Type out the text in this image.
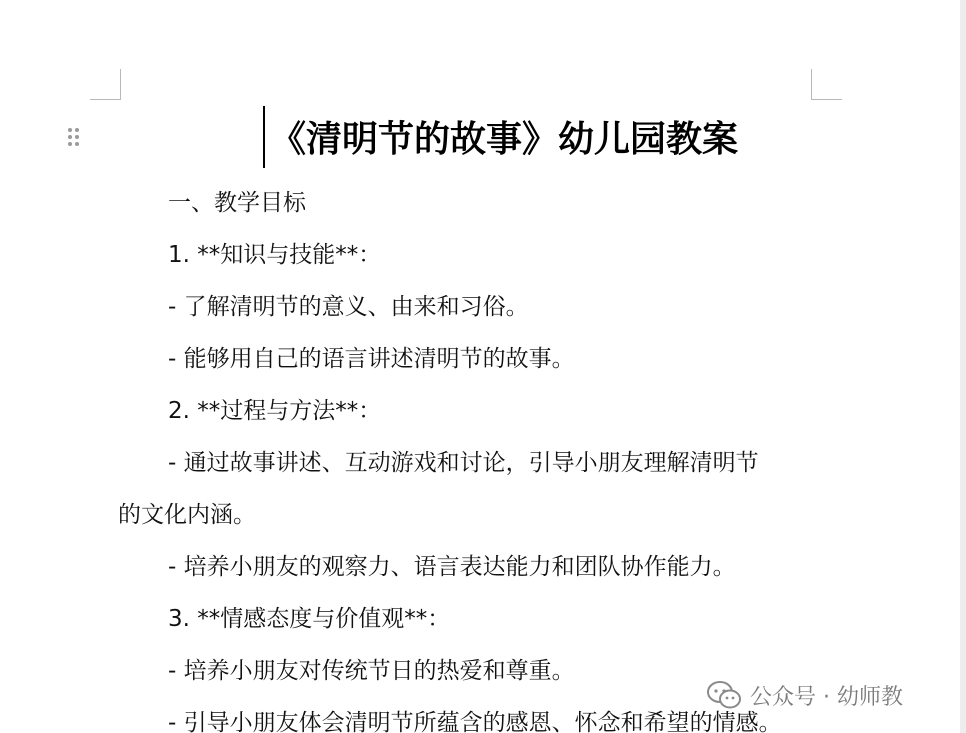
《清明节的故事》幼儿园教案
一、教学目标
1. **知识与技能**：
- 了解清明节的意义、由来和习俗。
- 能够用自己的语言讲述清明节的故事。
2. **过程与方法**：
- 通过故事讲述、互动游戏和讨论，引导小朋友理解清明节
的文化内涵。
- 培养小朋友的观察力、语言表达能力和团队协作能力。
3. **情感态度与价值观**：
- 培养小朋友对传统节日的热爱和尊重。
- 引导小朋友体会清明节所蕴含的感恩、怀念和希望的情感。
公众号 · 幼师教
